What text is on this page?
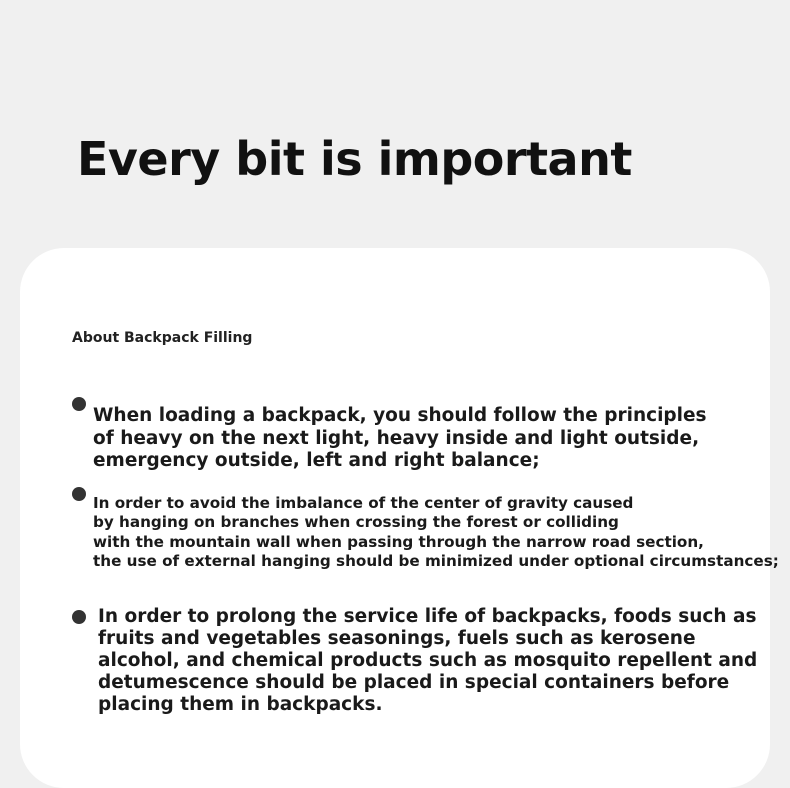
Every bit is important
About Backpack Filling

When loading a backpack, you should follow the principles
of heavy on the next light, heavy inside and light outside,
emergency outside, left and right balance;

In order to avoid the imbalance of the center of gravity caused
by hanging on branches when crossing the forest or colliding
with the mountain wall when passing through the narrow road section,
the use of external hanging should be minimized under optional circumstances;

In order to prolong the service life of backpacks, foods such as
fruits and vegetables seasonings, fuels such as kerosene
alcohol, and chemical products such as mosquito repellent and
detumescence should be placed in special containers before
placing them in backpacks.
